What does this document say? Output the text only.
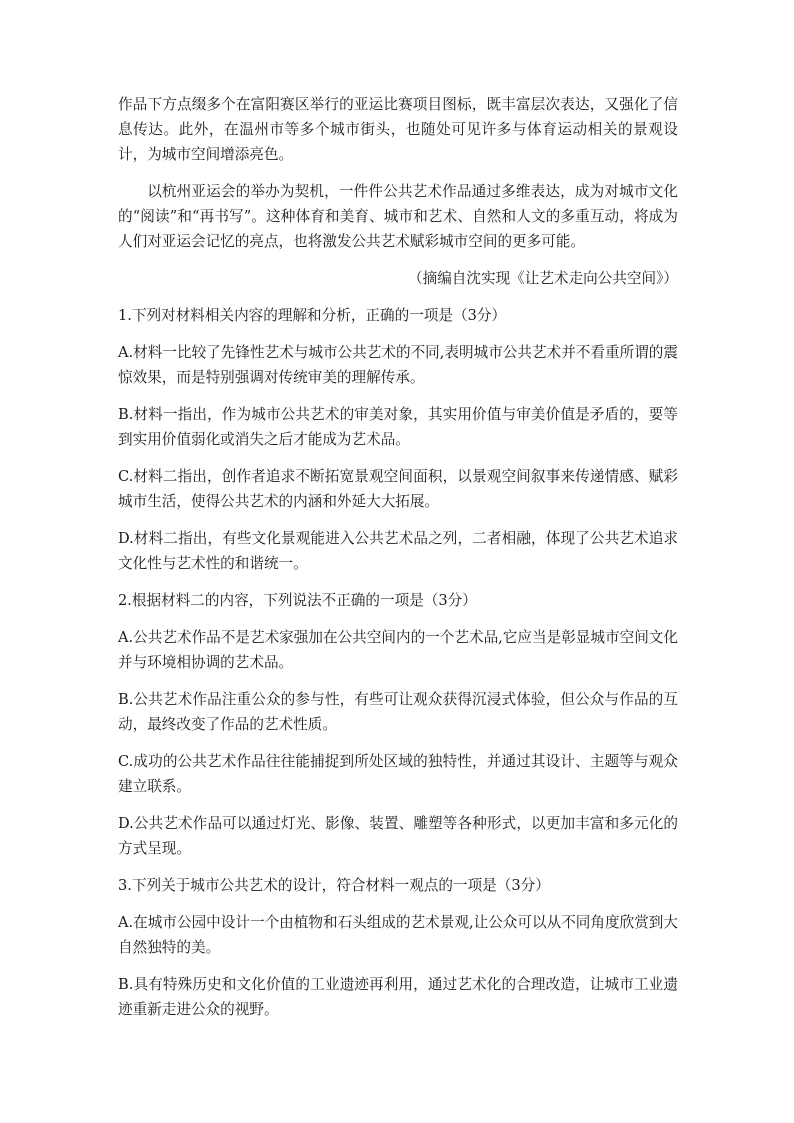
作品下方点缀多个在富阳赛区举行的亚运比赛项目图标，既丰富层次表达，又强化了信息传达。此外，在温州市等多个城市街头，也随处可见许多与体育运动相关的景观设计，为城市空间增添亮色。

以杭州亚运会的举办为契机，一件件公共艺术作品通过多维表达，成为对城市文化的“阅读”和“再书写”。这种体育和美育、城市和艺术、自然和人文的多重互动，将成为人们对亚运会记忆的亮点，也将激发公共艺术赋彩城市空间的更多可能。

（摘编自沈实现《让艺术走向公共空间》）

1.下列对材料相关内容的理解和分析，正确的一项是（3分）

A.材料一比较了先锋性艺术与城市公共艺术的不同,表明城市公共艺术并不看重所谓的震惊效果，而是特别强调对传统审美的理解传承。

B.材料一指出，作为城市公共艺术的审美对象，其实用价值与审美价值是矛盾的，要等到实用价值弱化或消失之后才能成为艺术品。

C.材料二指出，创作者追求不断拓宽景观空间面积，以景观空间叙事来传递情感、赋彩城市生活，使得公共艺术的内涵和外延大大拓展。

D.材料二指出，有些文化景观能进入公共艺术品之列，二者相融，体现了公共艺术追求文化性与艺术性的和谐统一。

2.根据材料二的内容，下列说法不正确的一项是（3分）

A.公共艺术作品不是艺术家强加在公共空间内的一个艺术品,它应当是彰显城市空间文化并与环境相协调的艺术品。

B.公共艺术作品注重公众的参与性，有些可让观众获得沉浸式体验，但公众与作品的互动，最终改变了作品的艺术性质。

C.成功的公共艺术作品往往能捕捉到所处区域的独特性，并通过其设计、主题等与观众建立联系。

D.公共艺术作品可以通过灯光、影像、装置、雕塑等各种形式，以更加丰富和多元化的方式呈现。

3.下列关于城市公共艺术的设计，符合材料一观点的一项是（3分）

A.在城市公园中设计一个由植物和石头组成的艺术景观,让公众可以从不同角度欣赏到大自然独特的美。

B.具有特殊历史和文化价值的工业遗迹再利用，通过艺术化的合理改造，让城市工业遗迹重新走进公众的视野。
